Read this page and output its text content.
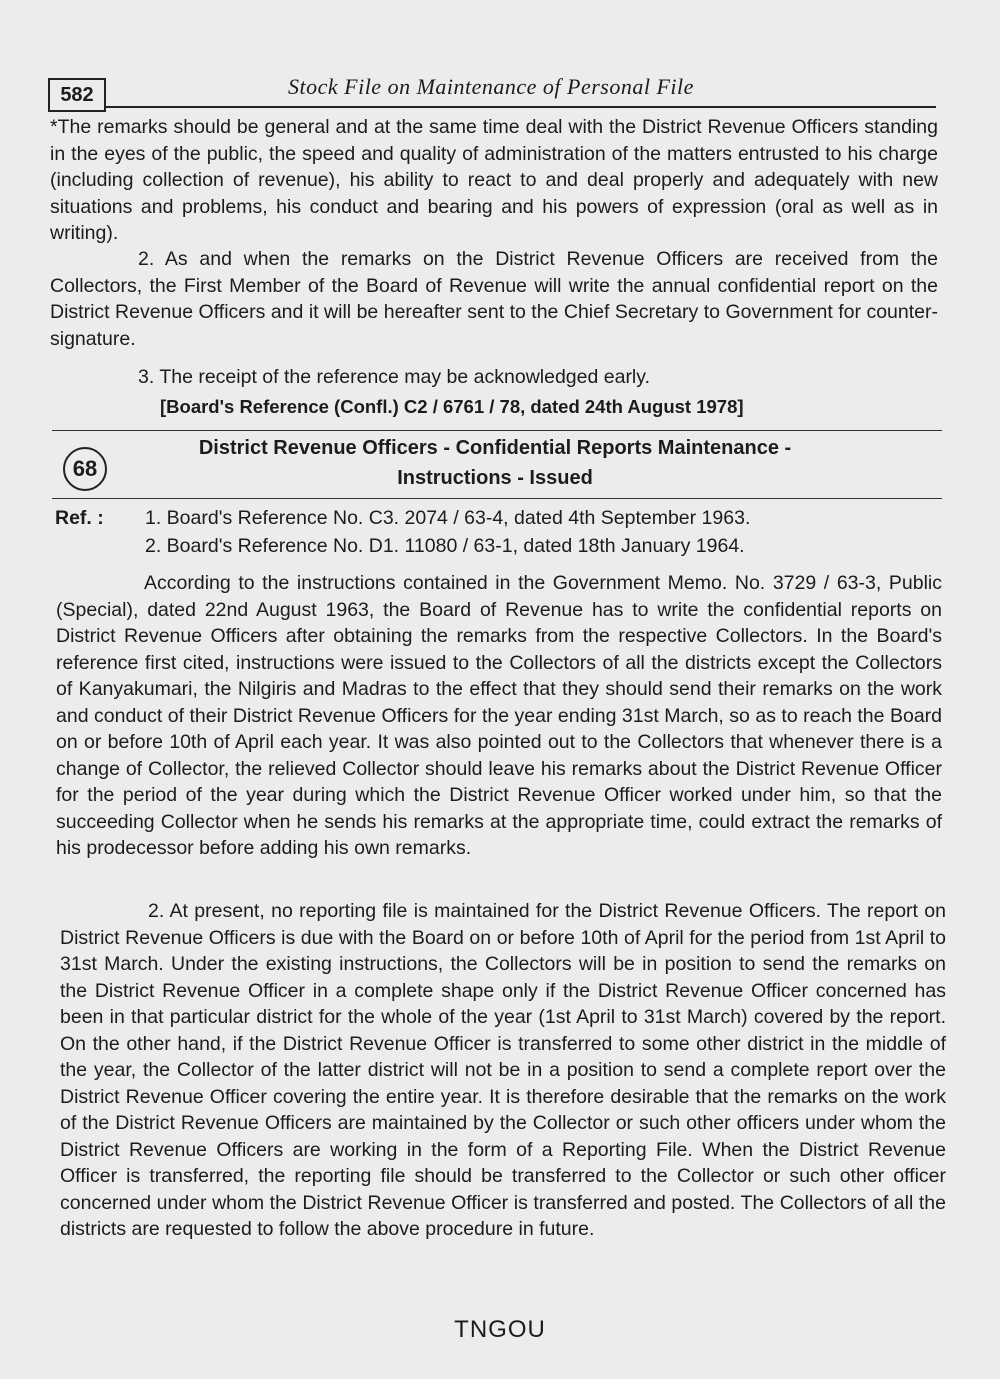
582	Stock File on Maintenance of Personal File

*The remarks should be general and at the same time deal with the District Revenue Officers standing in the eyes of the public, the speed and quality of administration of the matters entrusted to his charge (including collection of revenue), his ability to react to and deal properly and adequately with new situations and problems, his conduct and bearing and his powers of expression (oral as well as in writing).

2. As and when the remarks on the District Revenue Officers are received from the Collectors, the First Member of the Board of Revenue will write the annual confidential report on the District Revenue Officers and it will be hereafter sent to the Chief Secretary to Government for counter-signature.

3. The receipt of the reference may be acknowledged early.

[Board's Reference (Confl.) C2 / 6761 / 78, dated 24th August 1978]
68
District Revenue Officers - Confidential Reports Maintenance -
Instructions - Issued
Ref. : 1. Board's Reference No. C3. 2074 / 63-4, dated 4th September 1963.
2. Board's Reference No. D1. 11080 / 63-1, dated 18th January 1964.

According to the instructions contained in the Government Memo. No. 3729 / 63-3, Public (Special), dated 22nd August 1963, the Board of Revenue has to write the confidential reports on District Revenue Officers after obtaining the remarks from the respective Collectors. In the Board's reference first cited, instructions were issued to the Collectors of all the districts except the Collectors of Kanyakumari, the Nilgiris and Madras to the effect that they should send their remarks on the work and conduct of their District Revenue Officers for the year ending 31st March, so as to reach the Board on or before 10th of April each year. It was also pointed out to the Collectors that whenever there is a change of Collector, the relieved Collector should leave his remarks about the District Revenue Officer for the period of the year during which the District Revenue Officer worked under him, so that the succeeding Collector when he sends his remarks at the appropriate time, could extract the remarks of his prodecessor before adding his own remarks.

2. At present, no reporting file is maintained for the District Revenue Officers. The report on District Revenue Officers is due with the Board on or before 10th of April for the period from 1st April to 31st March. Under the existing instructions, the Collectors will be in position to send the remarks on the District Revenue Officer in a complete shape only if the District Revenue Officer concerned has been in that particular district for the whole of the year (1st April to 31st March) covered by the report. On the other hand, if the District Revenue Officer is transferred to some other district in the middle of the year, the Collector of the latter district will not be in a position to send a complete report over the District Revenue Officer covering the entire year. It is therefore desirable that the remarks on the work of the District Revenue Officers are maintained by the Collector or such other officers under whom the District Revenue Officers are working in the form of a Reporting File. When the District Revenue Officer is transferred, the reporting file should be transferred to the Collector or such other officer concerned under whom the District Revenue Officer is transferred and posted. The Collectors of all the districts are requested to follow the above procedure in future.

TNGOU
